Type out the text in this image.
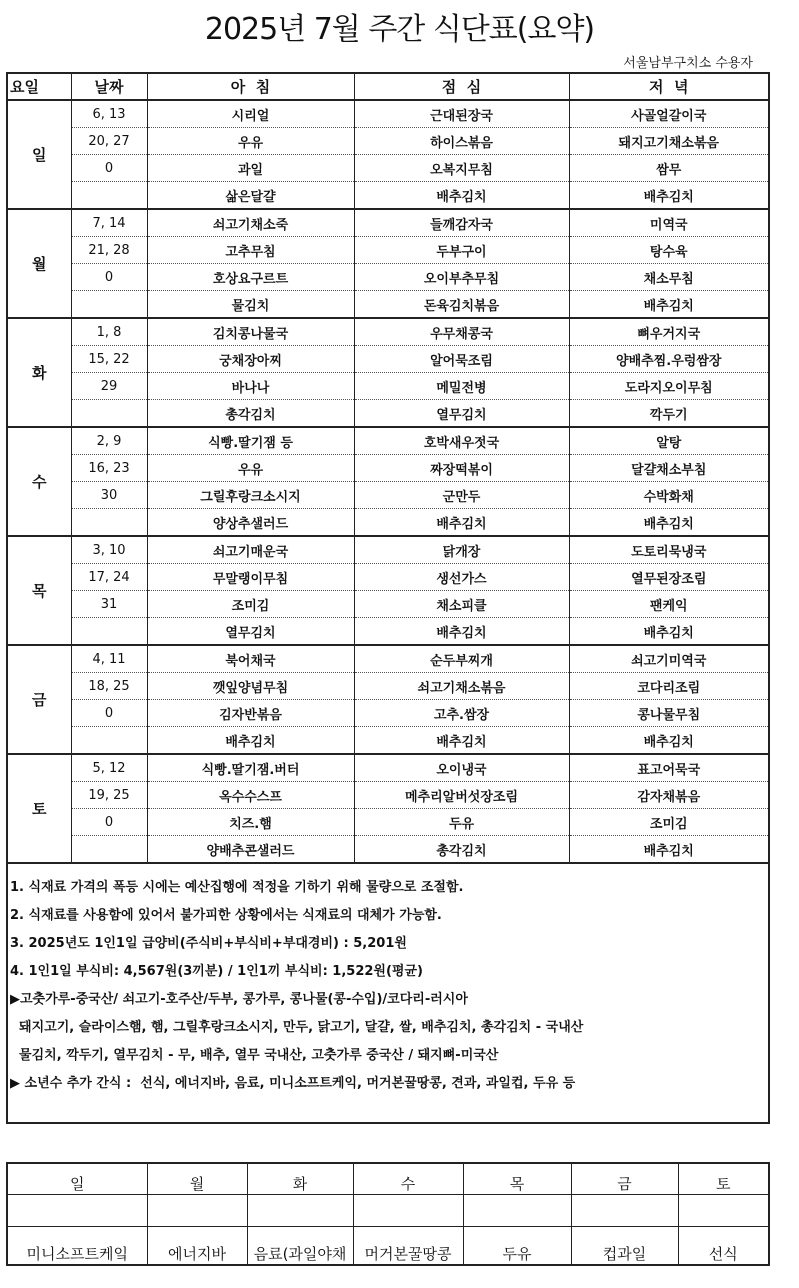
2025년 7월 주간 식단표(요약)
서울남부구치소 수용자
요일	날짜	아  침	점  심	저  녁
일	6, 13	시리얼	근대된장국	사골얼갈이국
	20, 27	우유	하이스볶음	돼지고기채소볶음
	0	과일	오복지무침	쌈무
		삶은달걀	배추김치	배추김치
월	7, 14	쇠고기채소죽	들깨감자국	미역국
	21, 28	고추무침	두부구이	탕수육
	0	호상요구르트	오이부추무침	채소무침
		물김치	돈육김치볶음	배추김치
화	1, 8	김치콩나물국	우무채콩국	뼈우거지국
	15, 22	궁채장아찌	알어묵조림	양배추찜.우렁쌈장
	29	바나나	메밀전병	도라지오이무침
		총각김치	열무김치	깍두기
수	2, 9	식빵.딸기잼 등	호박새우젓국	알탕
	16, 23	우유	짜장떡볶이	달걀채소부침
	30	그릴후랑크소시지	군만두	수박화채
		양상추샐러드	배추김치	배추김치
목	3, 10	쇠고기매운국	닭개장	도토리묵냉국
	17, 24	무말랭이무침	생선가스	열무된장조림
	31	조미김	채소피클	팬케익
		열무김치	배추김치	배추김치
금	4, 11	북어채국	순두부찌개	쇠고기미역국
	18, 25	깻잎양념무침	쇠고기채소볶음	코다리조림
	0	김자반볶음	고추.쌈장	콩나물무침
		배추김치	배추김치	배추김치
토	5, 12	식빵.딸기잼.버터	오이냉국	표고어묵국
	19, 25	옥수수스프	메추리알버섯장조림	감자채볶음
	0	치즈.햄	두유	조미김
		양배추콘샐러드	총각김치	배추김치
1. 식재료 가격의 폭등 시에는 예산집행에 적정을 기하기 위해 물량으로 조절함.
2. 식재료를 사용함에 있어서 불가피한 상황에서는 식재료의 대체가 가능함.
3. 2025년도 1인1일 급양비(주식비+부식비+부대경비) : 5,201원
4. 1인1일 부식비: 4,567원(3끼분) / 1인1끼 부식비: 1,522원(평균)
▶고춧가루-중국산/ 쇠고기-호주산/두부, 콩가루, 콩나물(콩-수입)/코다리-러시아
돼지고기, 슬라이스햄, 햄, 그릴후랑크소시지, 만두, 닭고기, 달걀, 쌀, 배추김치, 총각김치 - 국내산
물김치, 깍두기, 열무김치 - 무, 배추, 열무 국내산, 고춧가루 중국산 / 돼지뼈-미국산
▶ 소년수 추가 간식 :  선식, 에너지바, 음료, 미니소프트케익, 머거본꿀땅콩, 견과, 과일컵, 두유 등
일	월	화	수	목	금	토

미니소프트케잌	에너지바	음료(과일야채	머거본꿀땅콩	두유	컵과일	선식
